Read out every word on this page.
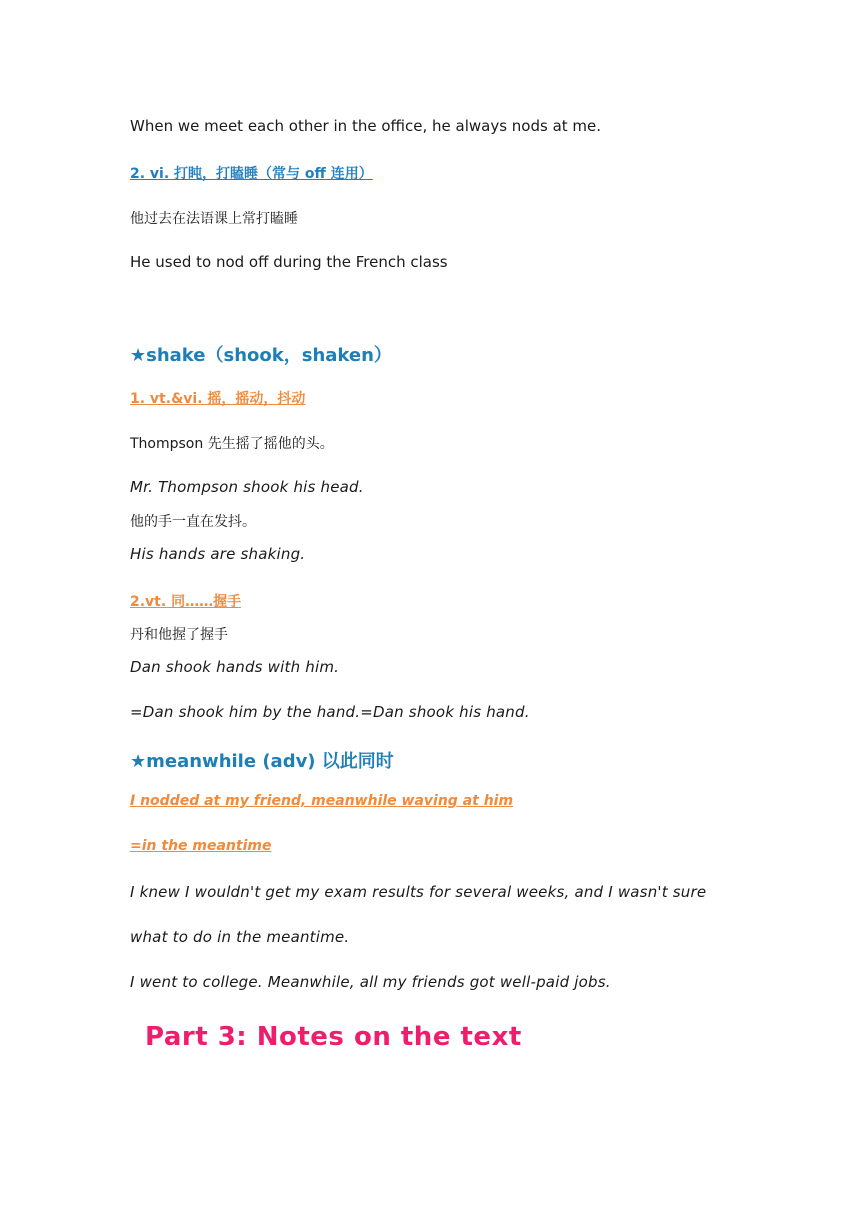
When we meet each other in the office, he always nods at me.
2. vi. 打盹，打瞌睡（常与 off 连用）
他过去在法语课上常打瞌睡
He used to nod off during the French class
★shake（shook，shaken）
1. vt.&vi. 摇，摇动，抖动
Thompson 先生摇了摇他的头。
Mr. Thompson shook his head.
他的手一直在发抖。
His hands are shaking.
2.vt. 同……握手
丹和他握了握手
Dan shook hands with him.
=Dan shook him by the hand.=Dan shook his hand.
★meanwhile (adv) 以此同时
I nodded at my friend, meanwhile waving at him
=in the meantime
I knew I wouldn't get my exam results for several weeks, and I wasn't sure
what to do in the meantime.
I went to college. Meanwhile, all my friends got well-paid jobs.
Part 3: Notes on the text
